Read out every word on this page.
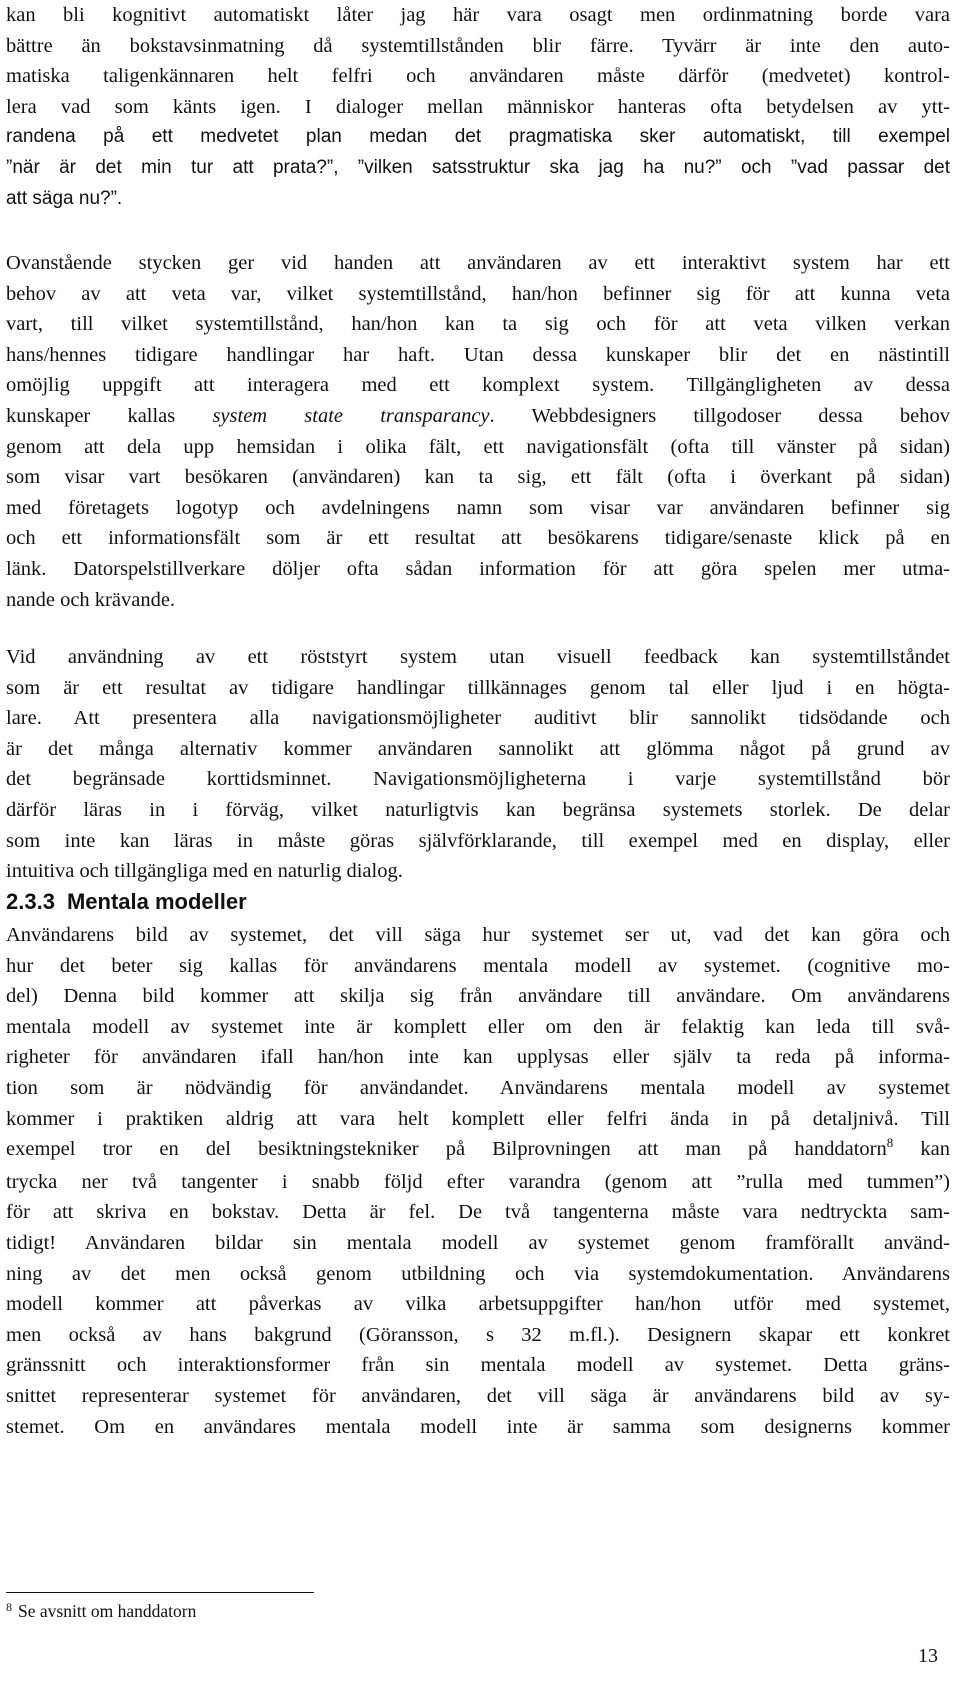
kan bli kognitivt automatiskt låter jag här vara osagt men ordinmatning borde vara
bättre än bokstavsinmatning då systemtillstånden blir färre. Tyvärr är inte den auto-
matiska taligenkännaren helt felfri och användaren måste därför (medvetet) kontrol-
lera vad som känts igen. I dialoger mellan människor hanteras ofta betydelsen av ytt-
randena på ett medvetet plan medan det pragmatiska sker automatiskt, till exempel
”när är det min tur att prata?”, ”vilken satsstruktur ska jag ha nu?” och ”vad passar det
att säga nu?”.
Ovanstående stycken ger vid handen att användaren av ett interaktivt system har ett
behov av att veta var, vilket systemtillstånd, han/hon befinner sig för att kunna veta
vart, till vilket systemtillstånd, han/hon kan ta sig och för att veta vilken verkan
hans/hennes tidigare handlingar har haft. Utan dessa kunskaper blir det en nästintill
omöjlig uppgift att interagera med ett komplext system. Tillgängligheten av dessa
kunskaper kallas system state transparancy. Webbdesigners tillgodoser dessa behov
genom att dela upp hemsidan i olika fält, ett navigationsfält (ofta till vänster på sidan)
som visar vart besökaren (användaren) kan ta sig, ett fält (ofta i överkant på sidan)
med företagets logotyp och avdelningens namn som visar var användaren befinner sig
och ett informationsfält som är ett resultat att besökarens tidigare/senaste klick på en
länk. Datorspelstillverkare döljer ofta sådan information för att göra spelen mer utma-
nande och krävande.
Vid användning av ett röststyrt system utan visuell feedback kan systemtillståndet
som är ett resultat av tidigare handlingar tillkännages genom tal eller ljud i en högta-
lare. Att presentera alla navigationsmöjligheter auditivt blir sannolikt tidsödande och
är det många alternativ kommer användaren sannolikt att glömma något på grund av
det begränsade korttidsminnet. Navigationsmöjligheterna i varje systemtillstånd bör
därför läras in i förväg, vilket naturligtvis kan begränsa systemets storlek. De delar
som inte kan läras in måste göras självförklarande, till exempel med en display, eller
intuitiva och tillgängliga med en naturlig dialog.
2.3.3 Mentala modeller
Användarens bild av systemet, det vill säga hur systemet ser ut, vad det kan göra och
hur det beter sig kallas för användarens mentala modell av systemet. (cognitive mo-
del) Denna bild kommer att skilja sig från användare till användare. Om användarens
mentala modell av systemet inte är komplett eller om den är felaktig kan leda till svå-
righeter för användaren ifall han/hon inte kan upplysas eller själv ta reda på informa-
tion som är nödvändig för användandet. Användarens mentala modell av systemet
kommer i praktiken aldrig att vara helt komplett eller felfri ända in på detaljnivå. Till
exempel tror en del besiktningstekniker på Bilprovningen att man på handdatorn$^8$ kan
trycka ner två tangenter i snabb följd efter varandra (genom att ”rulla med tummen”)
för att skriva en bokstav. Detta är fel. De två tangenterna måste vara nedtryckta sam-
tidigt! Användaren bildar sin mentala modell av systemet genom framförallt använd-
ning av det men också genom utbildning och via systemdokumentation. Användarens
modell kommer att påverkas av vilka arbetsuppgifter han/hon utför med systemet,
men också av hans bakgrund (Göransson, s 32 m.fl.). Designern skapar ett konkret
gränssnitt och interaktionsformer från sin mentala modell av systemet. Detta gräns-
snittet representerar systemet för användaren, det vill säga är användarens bild av sy-
stemet. Om en användares mentala modell inte är samma som designerns kommer

$^8$ Se avsnitt om handdatorn

13
